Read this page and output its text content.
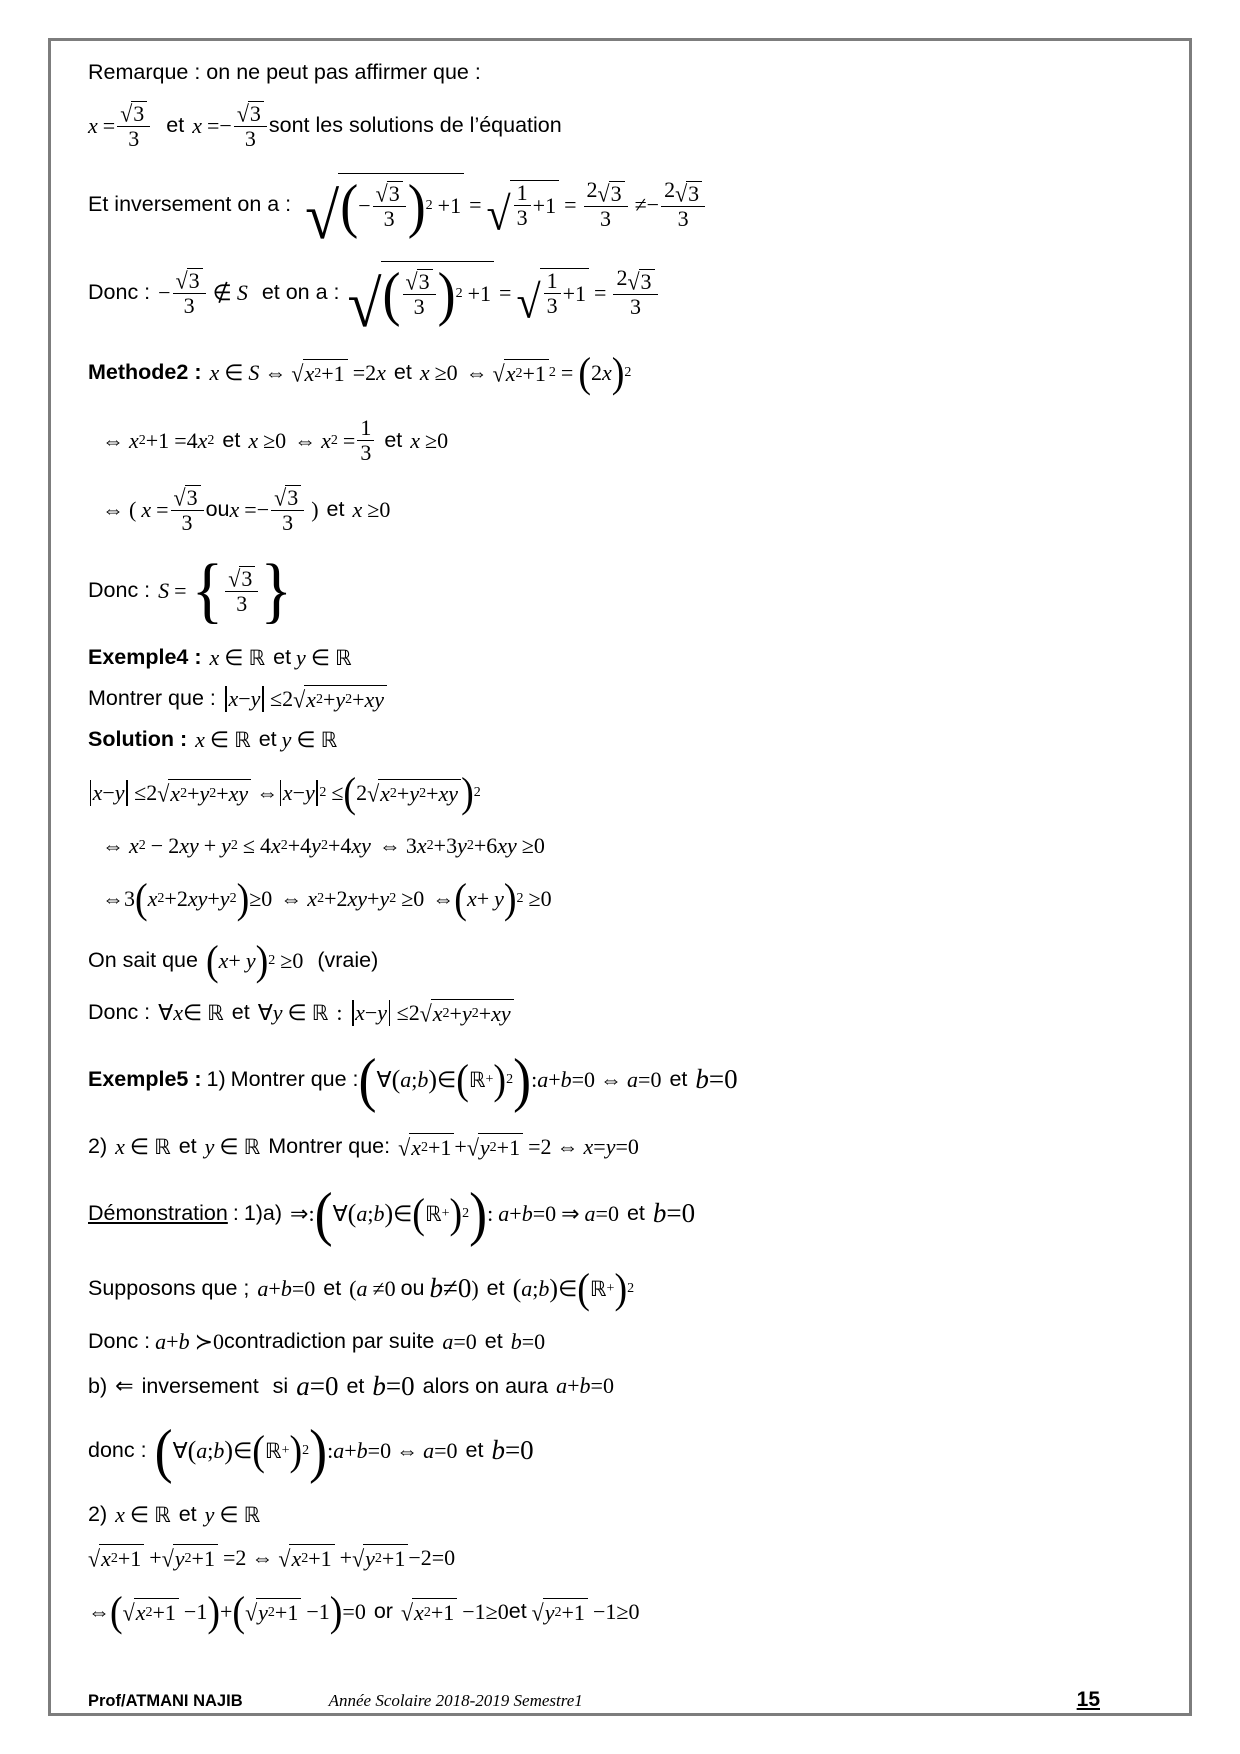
Remarque : on ne peut pas affirmer que :
$x = \frac{√ 3}{3}$ et x = − $\frac{√ 3}{3}$ sont les solutions de l’équation
Et inversement on a : √ ( − $\frac{√ 3}{3}$ ) 2 +1 = √ $\frac{1}{3} +1 = \frac{2 √ 3}{3}$ ≠ − $\frac{2 √ 3}{3}$
Donc : − $\frac{√ 3}{3}$ ∉ S et on a : √ ( $\frac{√ 3}{3}$ ) 2 +1 = √ $\frac{1}{3} +1 = \frac{2 √ 3}{3}$
Methode2 : x ∈ S ⇔ √ x 2 +1 = 2 x et x ≥ 0 ⇔ √ x 2 +1 2 = ( 2 x ) 2
⇔ x 2 +1 = 4 x 2 et x ≥ 0 ⇔ x $2 = \frac{1}{3}$ et x ≥ 0
⇔ ( $x = \frac{√ 3}{3}$ ou x = − $\frac{√ 3}{3}$ ) et x ≥ 0
Donc : S = { $\frac{√ 3}{3}$ }
Exemple4 : x ∈ ℝ et y ∈ ℝ
Montrer que : x − y ≤ 2 √ x 2 + y 2 + xy
Solution : x ∈ ℝ et y ∈ ℝ
x − y ≤ 2 √ x 2 + y 2 + xy ⇔ x − y 2 ≤ ( 2 √ x 2 + y 2 + xy ) 2
⇔ x 2 − 2 xy + y 2 ≤ 4 x 2 + 4 y 2 + 4 xy ⇔ 3 x 2 + 3 y 2 + 6 xy ≥ 0
⇔ 3 ( x 2 + 2 xy + y 2 ) ≥ 0 ⇔ x 2 + 2 xy + y 2 ≥ 0 ⇔ ( x + y ) 2 ≥ 0
On sait que ( x + y ) 2 ≥ 0 (vraie)
Donc : ∀ x ∈ ℝ et ∀ y ∈ ℝ : x − y ≤ 2 √ x 2 + y 2 + xy
Exemple5 : 1) Montrer que : ( ∀ ( a ; b ) ∈ ( ℝ + ) 2 ) : a + b = 0 ⇔ a = 0 et b = 0
2) x ∈ ℝ et y ∈ ℝ Montrer que: √ x 2 +1 + √ y 2 +1 = 2 ⇔ x = y = 0
Démonstration : 1)a) ⇒ : ( ∀ ( a ; b ) ∈ ( ℝ + ) 2 ) : a + b = 0 ⇒ a = 0 et b = 0
Supposons que ; a + b = 0 et ( a ≠ 0 ou b ≠ 0 ) et ( a ; b ) ∈ ( ℝ + ) 2
Donc : a + b ≻ 0 contradiction par suite a = 0 et b = 0
b) ⇐ inversement si a = 0 et b = 0 alors on aura a + b = 0
donc : ( ∀ ( a ; b ) ∈ ( ℝ + ) 2 ) : a + b = 0 ⇔ a = 0 et b = 0
2) x ∈ ℝ et y ∈ ℝ
√ x 2 +1 + √ y 2 +1 = 2 ⇔ √ x 2 +1 + √ y 2 +1 − 2 = 0
⇔ ( √ x 2 +1 − 1 ) + ( √ y 2 +1 − 1 ) = 0 or √ x 2 +1 − 1 ≥ 0 et √ y 2 +1 − 1 ≥ 0
Prof/ATMANI NAJIB	Année Scolaire 2018-2019 Semestre1	15
